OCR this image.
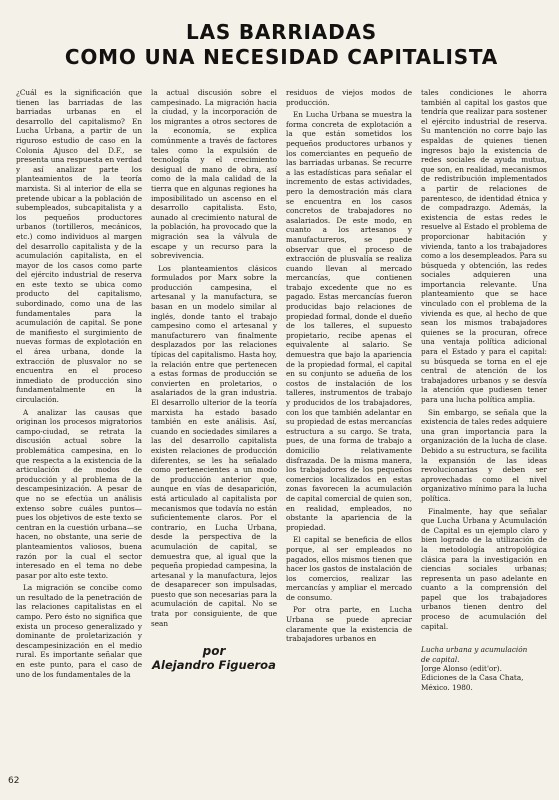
LAS BARRIADAS
COMO UNA NECESIDAD CAPITALISTA

¿Cuál es la significación que tienen las barriadas de las barriadas urbanas en el desarrollo del capitalismo? En Lucha Urbana, a partir de un riguroso estudio de caso en la Colonia Ajusco del D.F., se presenta una respuesta en verdad y así analizar parte los planteamientos de la teoría marxista. Si al interior de ella se pretende ubicar a la población de subempleados, subcapitalista y a los pequeños productores urbanos (tortilleros, mecánicos, etc.) como individuos al margen del desarrollo capitalista y de la acumulación capitalista, en el mayor de los casos como parte del ejército industrial de reserva en este texto se ubica como producto del capitalismo, subordinado, como una de las fundamentales para la acumulación de capital. Se pone de manifiesto el surgimiento de nuevas formas de explotación en el área urbana, donde la extracción de plusvalor no se encuentra en el proceso inmediato de producción sino fundamentalmente en la circulación.

A analizar las causas que originan los procesos migratorios campo-ciudad, se retrata la discusión actual sobre la problemática campesina, en lo que respecta a la existencia de la articulación de modos de producción y al problema de la descampesinización. A pesar de que no se efectúa un análisis extenso sobre cuáles puntos—pues los objetivos de este texto se centran en la cuestión urbana—se hacen, no obstante, una serie de planteamientos valiosos, buena razón por la cual el sector interesado en el tema no debe pasar por alto este texto.

La migración se concibe como un resultado de la penetración de las relaciones capitalistas en el campo. Pero ésto no significa que exista un proceso generalizado y dominante de proletarización y descampesinización en el medio rural. Es importante señalar que en este punto, para el caso de uno de los fundamentales de la

la actual discusión sobre el campesinado. La migración hacia la ciudad, y la incorporación de los migrantes a otros sectores de la economía, se explica comúnmente a través de factores tales como la expulsión de tecnología y el crecimiento desigual de mano de obra, así como de la mala calidad de la tierra que en algunas regiones ha imposibilitado un ascenso en el desarrollo capitalista. Esto, aunado al crecimiento natural de la población, ha provocado que la migración sea la válvula de escape y un recurso para la sobrevivencia.

Los planteamientos clásicos formulados por Marx sobre la producción campesina, el artesanal y la manufactura, se basan en un modelo similar al inglés, donde tanto el trabajo campesino como el artesanal y manufacturero van finalmente desplazados por las relaciones típicas del capitalismo. Hasta hoy, la relación entre que pertenecen a estas formas de producción se convierten en proletarios, o asalariados de la gran industria. El desarrollo ulterior de la teoría marxista ha estado basado también en este análisis. Así, cuando en sociedades similares a las del desarrollo capitalista existen relaciones de producción diferentes, se les ha señalado como pertenecientes a un modo de producción anterior que, aunque en vías de desaparición, está articulado al capitalista por mecanismos que todavía no están suficientemente claros. Por el contrario, en Lucha Urbana, desde la perspectiva de la acumulación de capital, se demuestra que, al igual que la pequeña propiedad campesina, la artesanal y la manufactura, lejos de desaparecer son impulsadas, puesto que son necesarias para la acumulación de capital. No se trata por consiguiente, de que sean

por
Alejandro Figueroa

residuos de viejos modos de producción.

En Lucha Urbana se muestra la forma concreta de explotación a la que están sometidos los pequeños productores urbanos y los comerciantes en pequeño de las barriadas urbanas. Se recurre a las estadísticas para señalar el incremento de estas actividades, pero la demostración más clara se encuentra en los casos concretos de trabajadores no asalariados. De este modo, en cuanto a los artesanos y manufactureros, se puede observar que el proceso de extracción de plusvalía se realiza cuando llevan al mercado mercancías, que contienen trabajo excedente que no es pagado. Estas mercancías fueron producidas bajo relaciones de propiedad formal, donde el dueño de los talleres, el supuesto propietario, recibe apenas el equivalente al salario. Se demuestra que bajo la apariencia de la propiedad formal, el capital en su conjunto se adueña de los costos de instalación de los talleres, instrumentos de trabajo y producidos de los trabajadores, con los que también adelantar en su propiedad de estas mercancías estructura a su cargo. Se trata, pues, de una forma de trabajo a domicilio relativamente disfrazada. De la misma manera, los trabajadores de los pequeños comercios localizados en estas zonas favorecen la acumulación de capital comercial de quien son, en realidad, empleados, no obstante la apariencia de la propiedad.

El capital se beneficia de ellos porque, al ser empleados no pagados, ellos mismos tienen que hacer los gastos de instalación de los comercios, realizar las mercancías y ampliar el mercado de consumo.

Por otra parte, en Lucha Urbana se puede apreciar claramente que la existencia de trabajadores urbanos en

tales condiciones le ahorra también al capital los gastos que tendría que realizar para sostener el ejército industrial de reserva. Su mantención no corre bajo las espaldas de quienes tienen ingresos bajo la existencia de redes sociales de ayuda mutua, que son, en realidad, mecanismos de redistribución implementados a partir de relaciones de parentesco, de identidad étnica y de compadrazgo. Además, la existencia de estas redes le resuelve al Estado el problema de proporcionar habitación y vivienda, tanto a los trabajadores como a los desempleados. Para su búsqueda y obtención, las redes sociales adquieren una importancia relevante. Una planteamiento que se hace vinculado con el problema de la vivienda es que, al hecho de que sean los mismos trabajadores quienes se la procuran, ofrece una ventaja política adicional para el Estado y para el capital: su búsqueda se torna en el eje central de atención de los trabajadores urbanos y se desvía la atención que pudiesen tener para una lucha política amplia.

Sin embargo, se señala que la existencia de tales redes adquiere una gran importancia para la organización de la lucha de clase. Debido a su estructura, se facilita la expansión de las ideas revolucionarias y deben ser aprovechadas como el nivel organizativo mínimo para la lucha política.

Finalmente, hay que señalar que Lucha Urbana y Acumulación de Capital es un ejemplo claro y bien logrado de la utilización de la metodología antropológica clásica para la investigación en ciencias sociales urbanas; representa un paso adelante en cuanto a la comprensión del papel que los trabajadores urbanos tienen dentro del proceso de acumulación del capital.

Lucha urbana y acumulación
de capital.
Jorge Alonso (edit'or).
Ediciones de la Casa Chata,
México. 1980.
62
